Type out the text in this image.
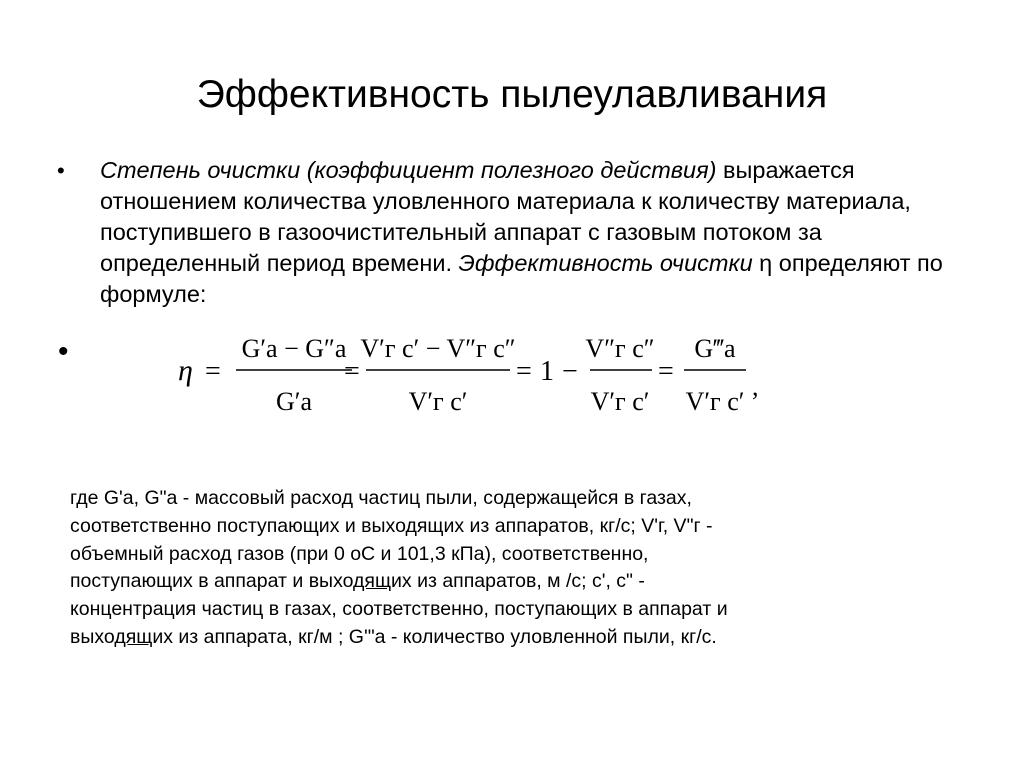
Эффективность пылеулавливания
• Степень очистки (коэффициент полезного действия) выражается отношением количества уловленного материала к количеству материала, поступившего в газоочистительный аппарат с газовым потоком за определенный период времени. Эффективность очистки η определяют по формуле:
•
η =
G′a − G″a
G′a
=
V′г c′ − V″г c″
V′г c′
= 1 −
V″г c″
V′г c′
=
G‴a
V′г c′
,
где G'а, G"а - массовый расход частиц пыли, содержащейся в газах,
соответственно поступающих и выходящих из аппаратов, кг/с; V'г, V"г -
объемный расход газов (при 0 оС и 101,3 кПа), соответственно,
поступающих в аппарат и выходящих из аппаратов, м /с; с', с" -
концентрация частиц в газах, соответственно, поступающих в аппарат и
выходящих из аппарата, кг/м ; G'"а - количество уловленной пыли, кг/с.
